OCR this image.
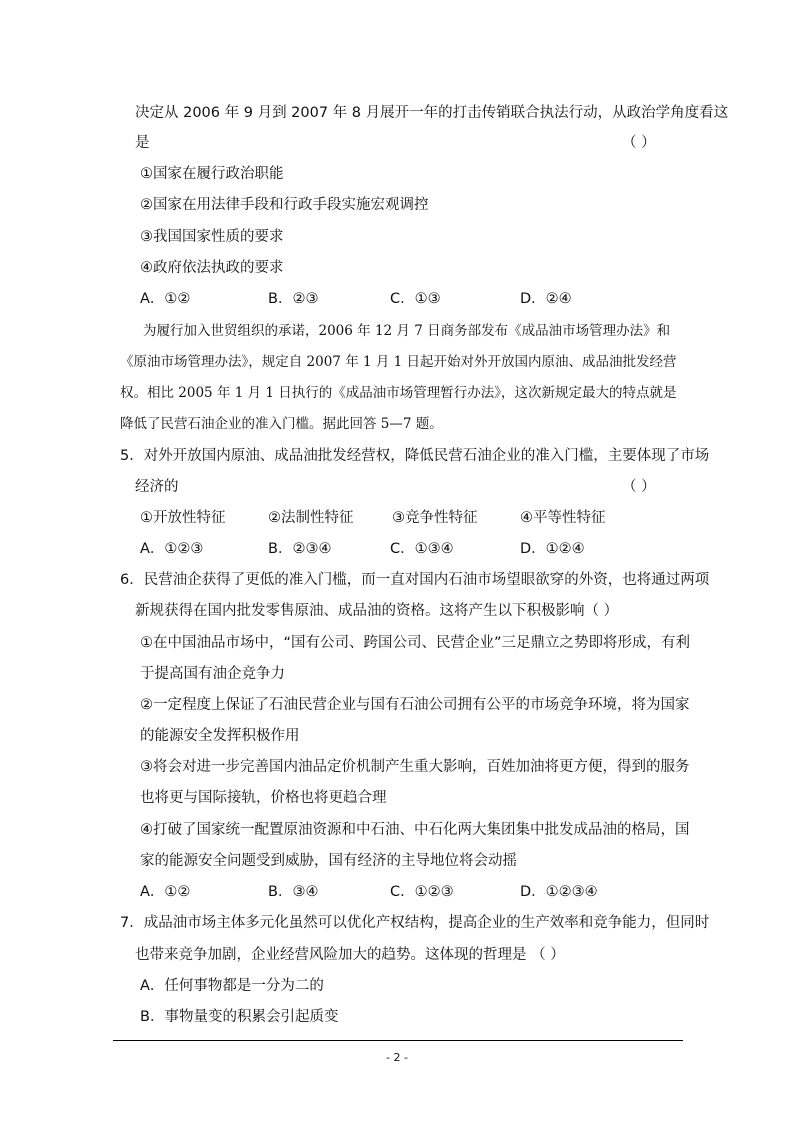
决定从 2006 年 9 月到 2007 年 8 月展开一年的打击传销联合执法行动，从政治学角度看这
是	（ ）
①国家在履行政治职能
②国家在用法律手段和行政手段实施宏观调控
③我国国家性质的要求
④政府依法执政的要求
A．①②	B．②③	C．①③	D．②④
为履行加入世贸组织的承诺，2006 年 12 月 7 日商务部发布《成品油市场管理办法》和
《原油市场管理办法》，规定自 2007 年 1 月 1 日起开始对外开放国内原油、成品油批发经营
权。相比 2005 年 1 月 1 日执行的《成品油市场管理暂行办法》，这次新规定最大的特点就是
降低了民营石油企业的准入门槛。据此回答 5—7 题。
5．对外开放国内原油、成品油批发经营权，降低民营石油企业的准入门槛，主要体现了市场
经济的	（ ）
①开放性特征	②法制性特征	③竞争性特征	④平等性特征
A．①②③	B．②③④	C．①③④	D．①②④
6．民营油企获得了更低的准入门槛，而一直对国内石油市场望眼欲穿的外资，也将通过两项
新规获得在国内批发零售原油、成品油的资格。这将产生以下积极影响（ ）
①在中国油品市场中，“国有公司、跨国公司、民营企业”三足鼎立之势即将形成，有利
于提高国有油企竞争力
②一定程度上保证了石油民营企业与国有石油公司拥有公平的市场竞争环境，将为国家
的能源安全发挥积极作用
③将会对进一步完善国内油品定价机制产生重大影响，百姓加油将更方便，得到的服务
也将更与国际接轨，价格也将更趋合理
④打破了国家统一配置原油资源和中石油、中石化两大集团集中批发成品油的格局，国
家的能源安全问题受到威胁，国有经济的主导地位将会动摇
A．①②	B．③④	C．①②③	D．①②③④
7．成品油市场主体多元化虽然可以优化产权结构，提高企业的生产效率和竞争能力，但同时
也带来竞争加剧，企业经营风险加大的趋势。这体现的哲理是 （ ）
A．任何事物都是一分为二的
B．事物量变的积累会引起质变
- 2 -
